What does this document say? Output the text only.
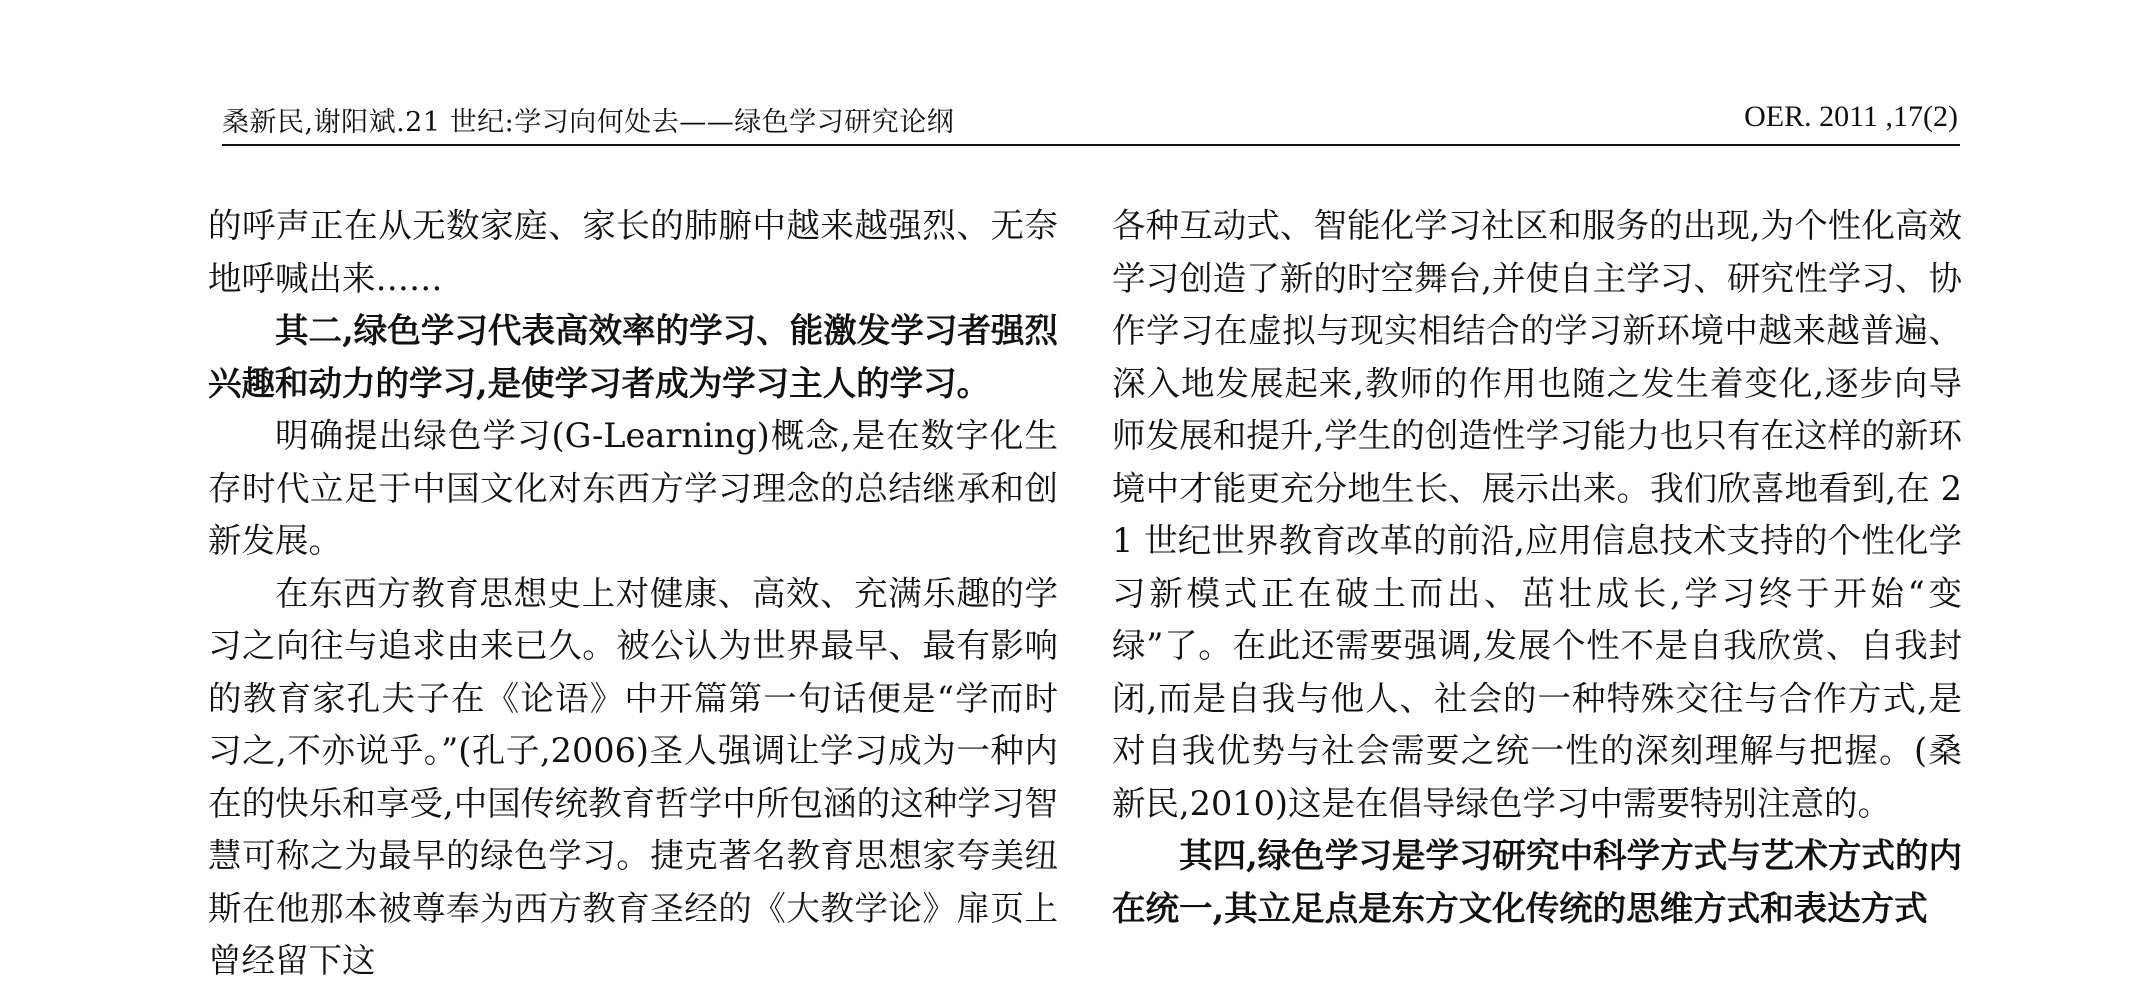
桑新民,谢阳斌.21 世纪:学习向何处去——绿色学习研究论纲	OER. 2011 ,17(2)

的呼声正在从无数家庭、家长的肺腑中越来越强烈、无奈地呼喊出来……

其二,绿色学习代表高效率的学习、能激发学习者强烈兴趣和动力的学习,是使学习者成为学习主人的学习。

明确提出绿色学习(G-Learning)概念,是在数字化生存时代立足于中国文化对东西方学习理念的总结继承和创新发展。

在东西方教育思想史上对健康、高效、充满乐趣的学习之向往与追求由来已久。被公认为世界最早、最有影响的教育家孔夫子在《论语》中开篇第一句话便是“学而时习之,不亦说乎。”(孔子,2006)圣人强调让学习成为一种内在的快乐和享受,中国传统教育哲学中所包涵的这种学习智慧可称之为最早的绿色学习。捷克著名教育思想家夸美纽斯在他那本被尊奉为西方教育圣经的《大教学论》扉页上曾经留下这

各种互动式、智能化学习社区和服务的出现,为个性化高效学习创造了新的时空舞台,并使自主学习、研究性学习、协作学习在虚拟与现实相结合的学习新环境中越来越普遍、深入地发展起来,教师的作用也随之发生着变化,逐步向导师发展和提升,学生的创造性学习能力也只有在这样的新环境中才能更充分地生长、展示出来。我们欣喜地看到,在 21 世纪世界教育改革的前沿,应用信息技术支持的个性化学习新模式正在破土而出、茁壮成长,学习终于开始“变绿”了。在此还需要强调,发展个性不是自我欣赏、自我封闭,而是自我与他人、社会的一种特殊交往与合作方式,是对自我优势与社会需要之统一性的深刻理解与把握。(桑新民,2010)这是在倡导绿色学习中需要特别注意的。

其四,绿色学习是学习研究中科学方式与艺术方式的内在统一,其立足点是东方文化传统的思维方式和表达方式
